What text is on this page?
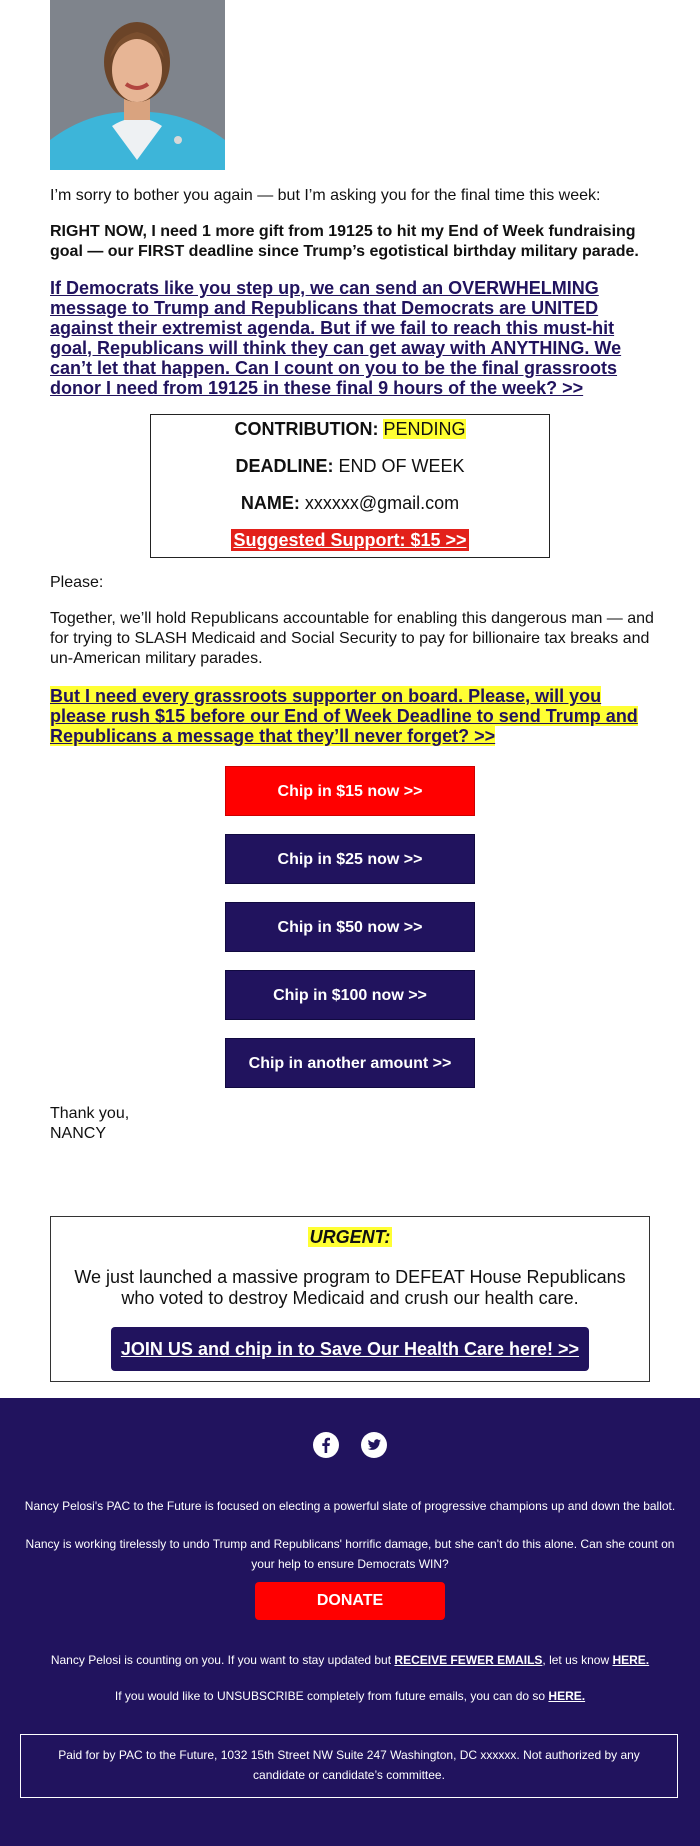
I’m sorry to bother you again — but I’m asking you for the final time this week:

RIGHT NOW, I need 1 more gift from 19125 to hit my End of Week fundraising goal — our FIRST deadline since Trump’s egotistical birthday military parade.

If Democrats like you step up, we can send an OVERWHELMING message to Trump and Republicans that Democrats are UNITED against their extremist agenda. But if we fail to reach this must-hit goal, Republicans will think they can get away with ANYTHING. We can’t let that happen. Can I count on you to be the final grassroots donor I need from 19125 in these final 9 hours of the week? >>
CONTRIBUTION: PENDING
DEADLINE: END OF WEEK
NAME: xxxxxx@gmail.com
Suggested Support: $15 >>

Please:

Together, we’ll hold Republicans accountable for enabling this dangerous man — and for trying to SLASH Medicaid and Social Security to pay for billionaire tax breaks and un-American military parades.

But I need every grassroots supporter on board. Please, will you please rush $15 before our End of Week Deadline to send Trump and Republicans a message that they’ll never forget? >>
Chip in $15 now >>
Chip in $25 now >>
Chip in $50 now >>
Chip in $100 now >>
Chip in another amount >>
Thank you,
NANCY
URGENT:
We just launched a massive program to DEFEAT House Republicans who voted to destroy Medicaid and crush our health care.
JOIN US and chip in to Save Our Health Care here! >>
Nancy Pelosi's PAC to the Future is focused on electing a powerful slate of progressive champions up and down the ballot.
Nancy is working tirelessly to undo Trump and Republicans' horrific damage, but she can't do this alone. Can she count on your help to ensure Democrats WIN?
DONATE
Nancy Pelosi is counting on you. If you want to stay updated but RECEIVE FEWER EMAILS, let us know HERE.
If you would like to UNSUBSCRIBE completely from future emails, you can do so HERE.
Paid for by PAC to the Future, 1032 15th Street NW Suite 247 Washington, DC xxxxxx. Not authorized by any candidate or candidate’s committee.
